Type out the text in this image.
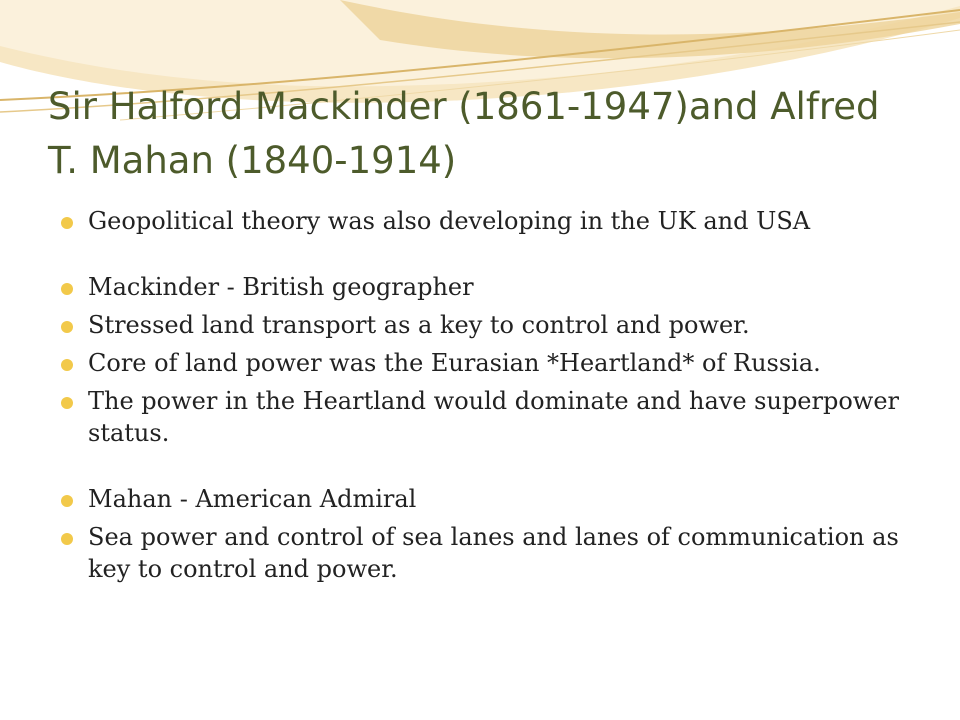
Sir Halford Mackinder (1861-1947)and Alfred T. Mahan (1840-1914)
Geopolitical theory was also developing in the UK and USA
Mackinder - British geographer
Stressed land transport as a key to control and power.
Core of land power was the Eurasian *Heartland* of Russia.
The power in the Heartland would dominate and have superpower status.
Mahan - American Admiral
Sea power and control of sea lanes and lanes of communication as key to control and power.
